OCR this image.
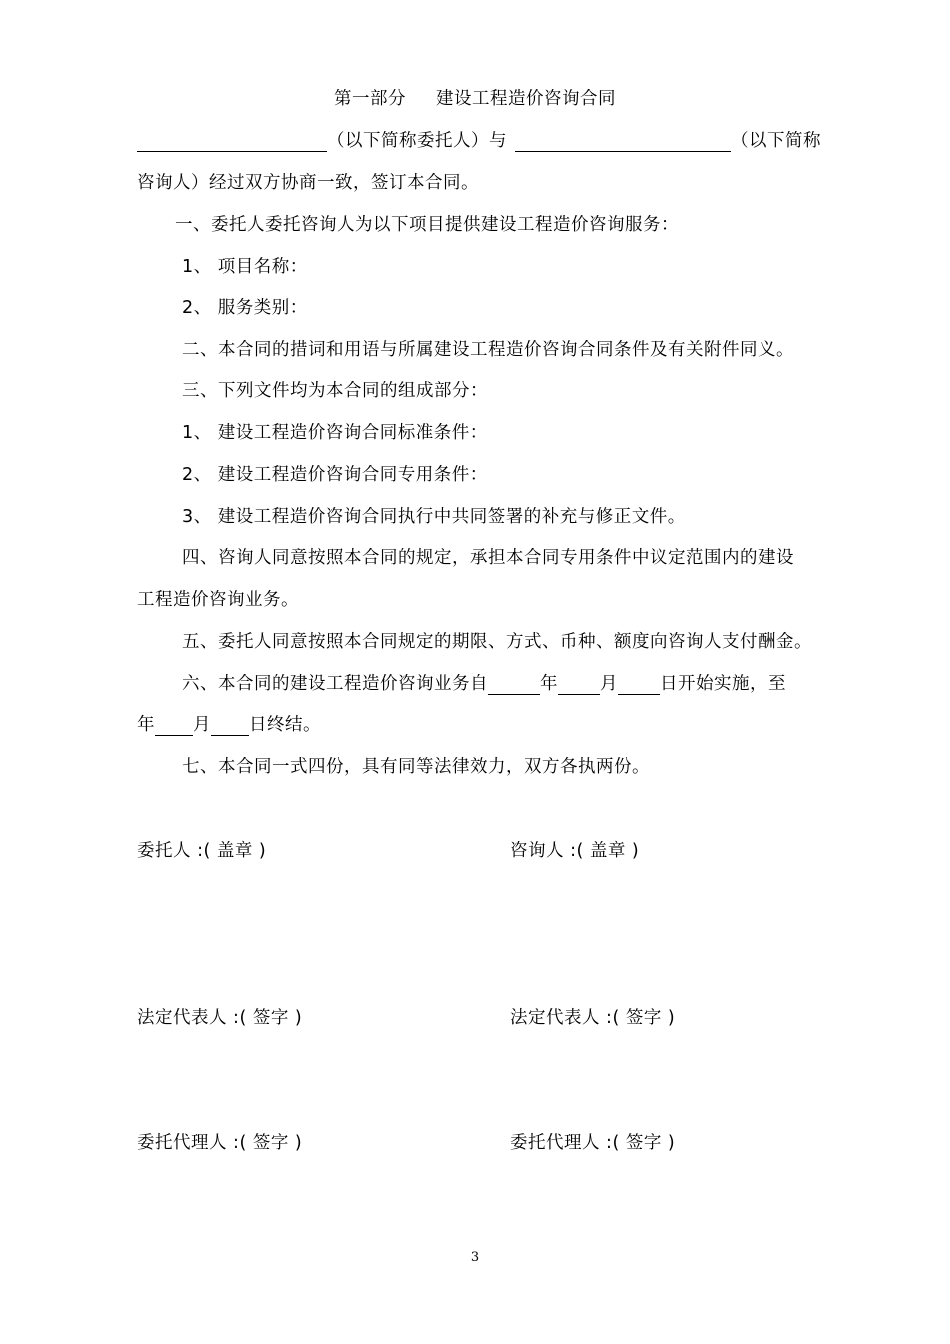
第一部分 建设工程造价咨询合同
（以下简称委托人）与	（以下简称
咨询人）经过双方协商一致，签订本合同。
一、委托人委托咨询人为以下项目提供建设工程造价咨询服务：
1、 项目名称：
2、 服务类别：
二、本合同的措词和用语与所属建设工程造价咨询合同条件及有关附件同义。
三、下列文件均为本合同的组成部分：
1、 建设工程造价咨询合同标准条件：
2、 建设工程造价咨询合同专用条件：
3、 建设工程造价咨询合同执行中共同签署的补充与修正文件。
四、咨询人同意按照本合同的规定，承担本合同专用条件中议定范围内的建设
工程造价咨询业务。
五、委托人同意按照本合同规定的期限、方式、币种、额度向咨询人支付酬金。
六、本合同的建设工程造价咨询业务自	年 月 日开始实施，至
年 月 日终结。
七、本合同一式四份，具有同等法律效力，双方各执两份。
委托人 :( 盖章 )	咨询人 :( 盖章 )
法定代表人 :( 签字 )	法定代表人 :( 签字 )
委托代理人 :( 签字 )	委托代理人 :( 签字 )
3
